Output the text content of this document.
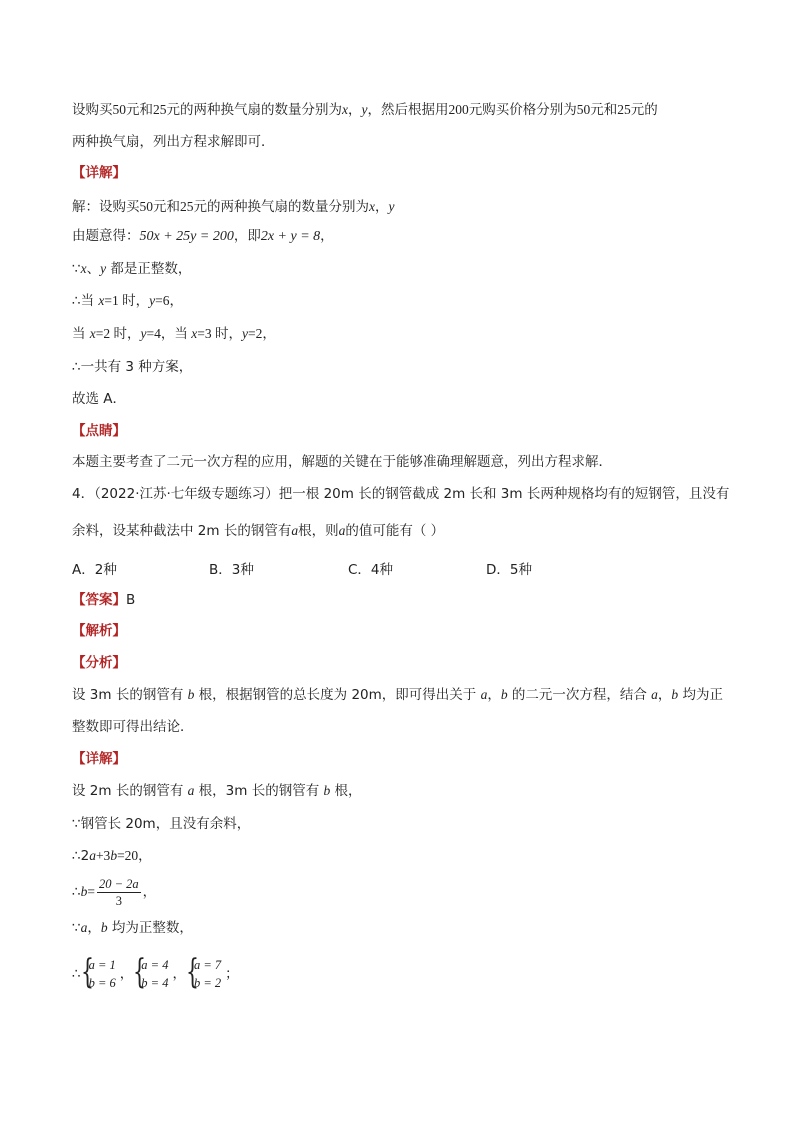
设购买50元和25元的两种换气扇的数量分别为x，y，然后根据用200元购买价格分别为50元和25元的
两种换气扇，列出方程求解即可．
【详解】
解：设购买50元和25元的两种换气扇的数量分别为x，y
由题意得：50x + 25y = 200，即2x + y = 8，
∵x、y 都是正整数，
∴当 x=1 时，y=6，
当 x=2 时，y=4，当 x=3 时，y=2，
∴一共有 3 种方案，
故选 A．
【点睛】
本题主要考查了二元一次方程的应用，解题的关键在于能够准确理解题意，列出方程求解．
4．（2022·江苏·七年级专题练习）把一根 20m 长的钢管截成 2m 长和 3m 长两种规格均有的短钢管，且没有
余料，设某种截法中 2m 长的钢管有a根，则a的值可能有（ ）
A．2种	B．3种	C．4种	D．5种
【答案】B
【解析】
【分析】
设 3m 长的钢管有 b 根，根据钢管的总长度为 20m，即可得出关于 a，b 的二元一次方程，结合 a，b 均为正
整数即可得出结论．
【详解】
设 2m 长的钢管有 a 根，3m 长的钢管有 b 根，
∵钢管长 20m，且没有余料，
∴2a+3b=20，
∴b= $\frac{20 - 2a}{3}$ ，
∵a，b 均为正整数，
∴ {
a = 1
b = 6
， {
a = 4
b = 4
， {
a = 7
b = 2
；
